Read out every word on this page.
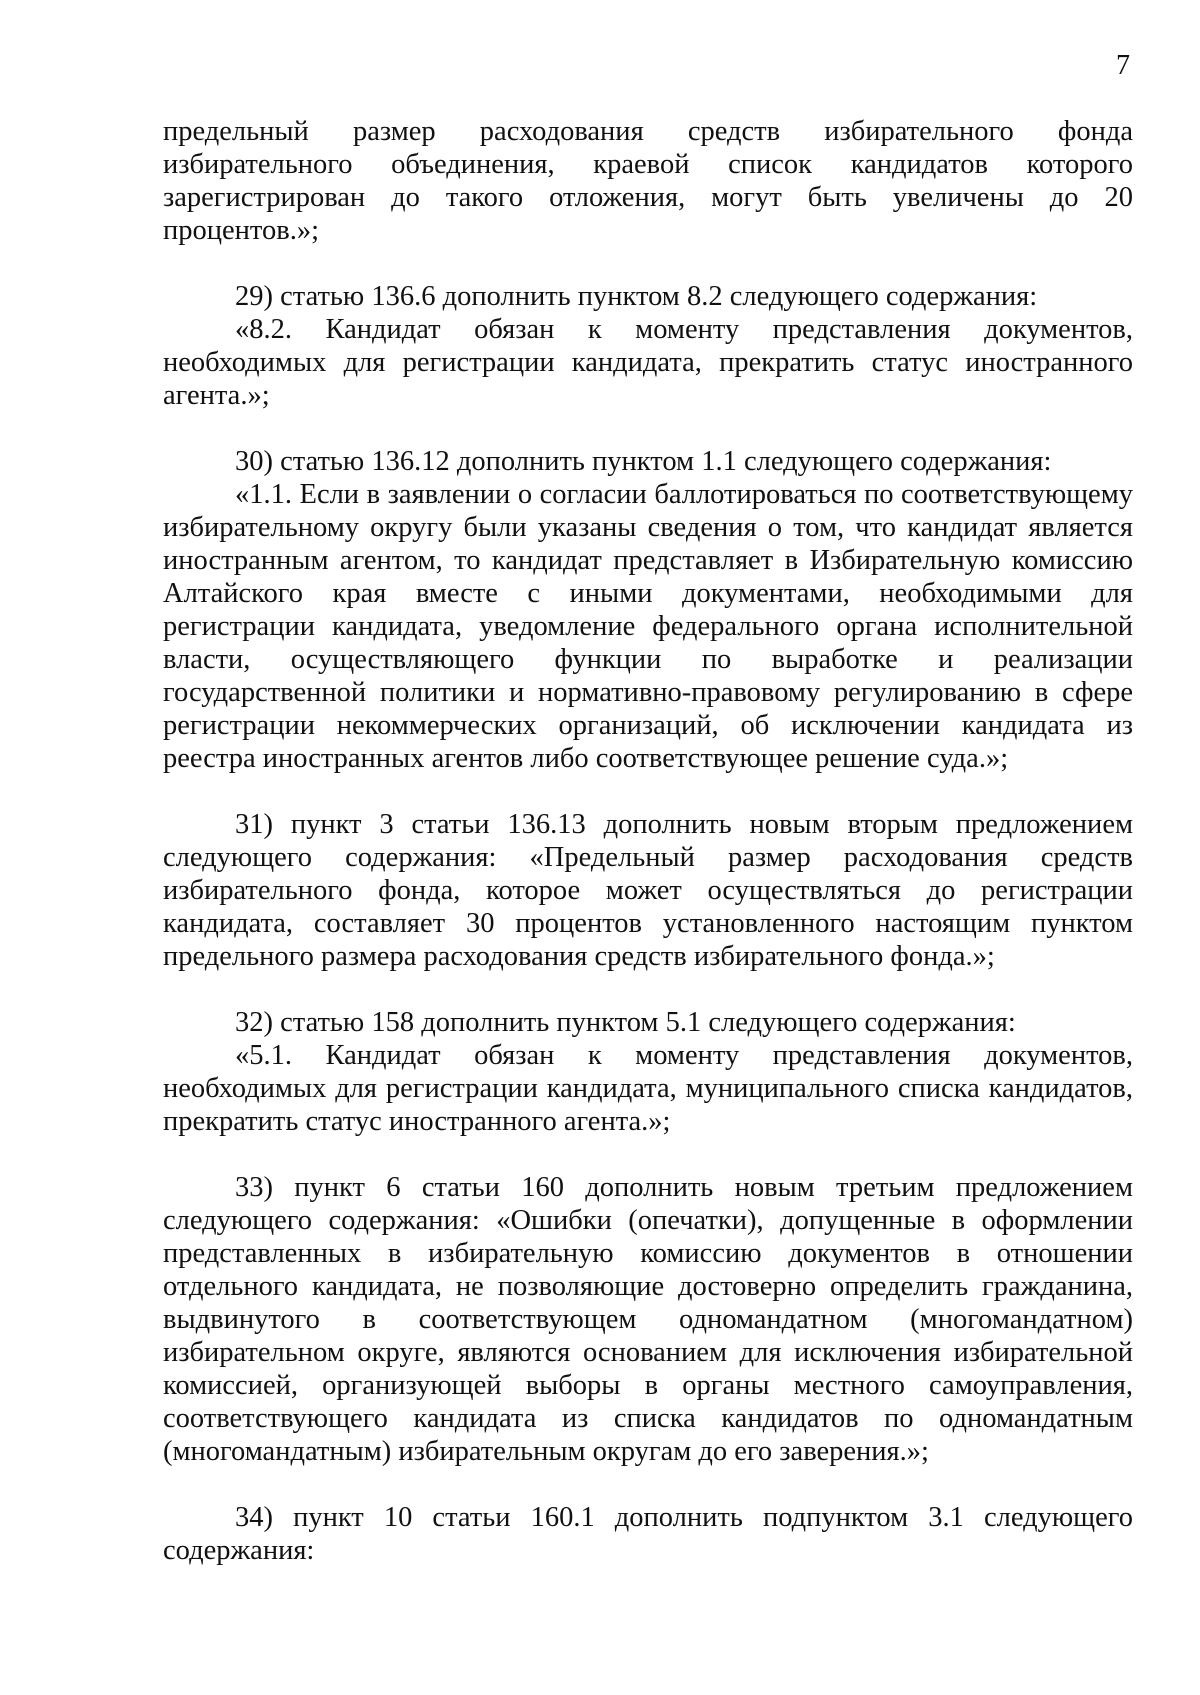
7

предельный размер расходования средств избирательного фонда избирательного объединения, краевой список кандидатов которого зарегистрирован до такого отложения, могут быть увеличены до 20 процентов.»;

29) статью 136.6 дополнить пунктом 8.2 следующего содержания:

«8.2. Кандидат обязан к моменту представления документов, необходимых для регистрации кандидата, прекратить статус иностранного агента.»;

30) статью 136.12 дополнить пунктом 1.1 следующего содержания:

«1.1. Если в заявлении о согласии баллотироваться по соответствующему избирательному округу были указаны сведения о том, что кандидат является иностранным агентом, то кандидат представляет в Избирательную комиссию Алтайского края вместе с иными документами, необходимыми для регистрации кандидата, уведомление федерального органа исполнительной власти, осуществляющего функции по выработке и реализации государственной политики и нормативно-правовому регулированию в сфере регистрации некоммерческих организаций, об исключении кандидата из реестра иностранных агентов либо соответствующее решение суда.»;

31) пункт 3 статьи 136.13 дополнить новым вторым предложением следующего содержания: «Предельный размер расходования средств избирательного фонда, которое может осуществляться до регистрации кандидата, составляет 30 процентов установленного настоящим пунктом предельного размера расходования средств избирательного фонда.»;

32) статью 158 дополнить пунктом 5.1 следующего содержания:

«5.1. Кандидат обязан к моменту представления документов, необходимых для регистрации кандидата, муниципального списка кандидатов, прекратить статус иностранного агента.»;

33) пункт 6 статьи 160 дополнить новым третьим предложением следующего содержания: «Ошибки (опечатки), допущенные в оформлении представленных в избирательную комиссию документов в отношении отдельного кандидата, не позволяющие достоверно определить гражданина, выдвинутого в соответствующем одномандатном (многомандатном) избирательном округе, являются основанием для исключения избирательной комиссией, организующей выборы в органы местного самоуправления, соответствующего кандидата из списка кандидатов по одномандатным (многомандатным) избирательным округам до его заверения.»;

34) пункт 10 статьи 160.1 дополнить подпунктом 3.1 следующего содержания:
